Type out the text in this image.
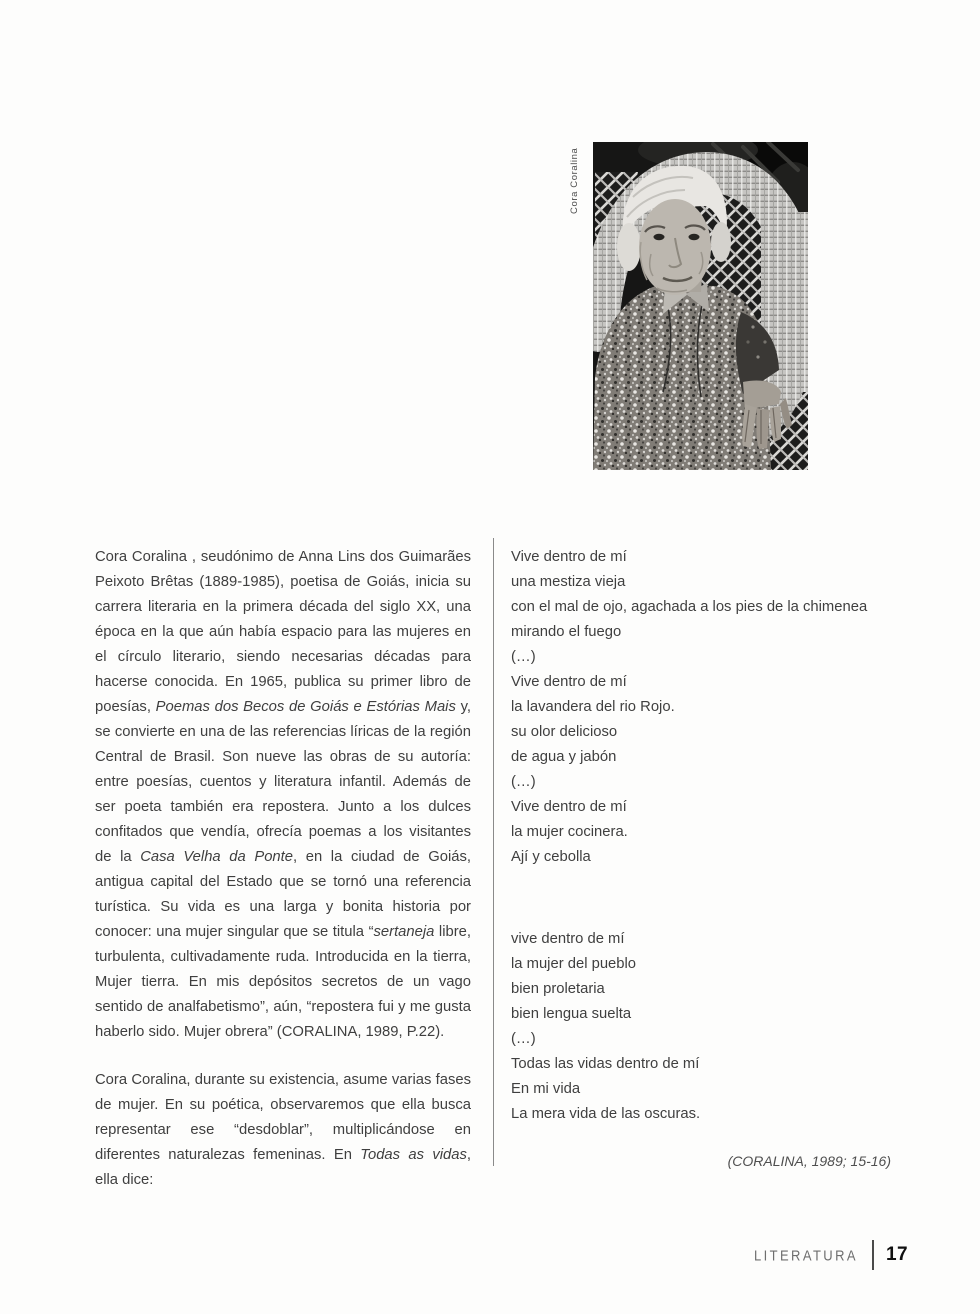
Cora Coralina

Cora Coralina , seudónimo de Anna Lins dos Guimarães Peixoto Brêtas (1889-1985), poetisa de Goiás, inicia su carrera literaria en la primera década del siglo XX, una época en la que aún había espacio para las mujeres en el círculo literario, siendo necesarias décadas para hacerse conocida. En 1965, publica su primer libro de poesías, Poemas dos Becos de Goiás e Estórias Mais y, se convierte en una de las referencias líricas de la región Central de Brasil. Son nueve las obras de su autoría: entre poesías, cuentos y literatura infantil. Además de ser poeta también era repostera. Junto a los dulces confitados que vendía, ofrecía poemas a los visitantes de la Casa Velha da Ponte, en la ciudad de Goiás, antigua capital del Estado que se tornó una referencia turística. Su vida es una larga y bonita historia por conocer: una mujer singular que se titula “sertaneja libre, turbulenta, cultivadamente ruda. Introducida en la tierra, Mujer tierra. En mis depósitos secretos de un vago sentido de analfabetismo”, aún, “repostera fui y me gusta haberlo sido. Mujer obrera” (CORALINA, 1989, P.22).

Cora Coralina, durante su existencia, asume varias fases de mujer. En su poética, observaremos que ella busca representar ese “desdoblar”, multiplicándose en diferentes naturalezas femeninas. En Todas as vidas, ella dice:

Vive dentro de mí
una mestiza vieja
con el mal de ojo, agachada a los pies de la chimenea
mirando el fuego
(…)
Vive dentro de mí
la lavandera del rio Rojo.
su olor delicioso
de agua y jabón
(…)
Vive dentro de mí
la mujer cocinera.
Ají y cebolla
vive dentro de mí
la mujer del pueblo
bien proletaria
bien lengua suelta
(…)
Todas las vidas dentro de mí
En mi vida
La mera vida de las oscuras.
(CORALINA, 1989; 15-16)
LITERATURA 17
